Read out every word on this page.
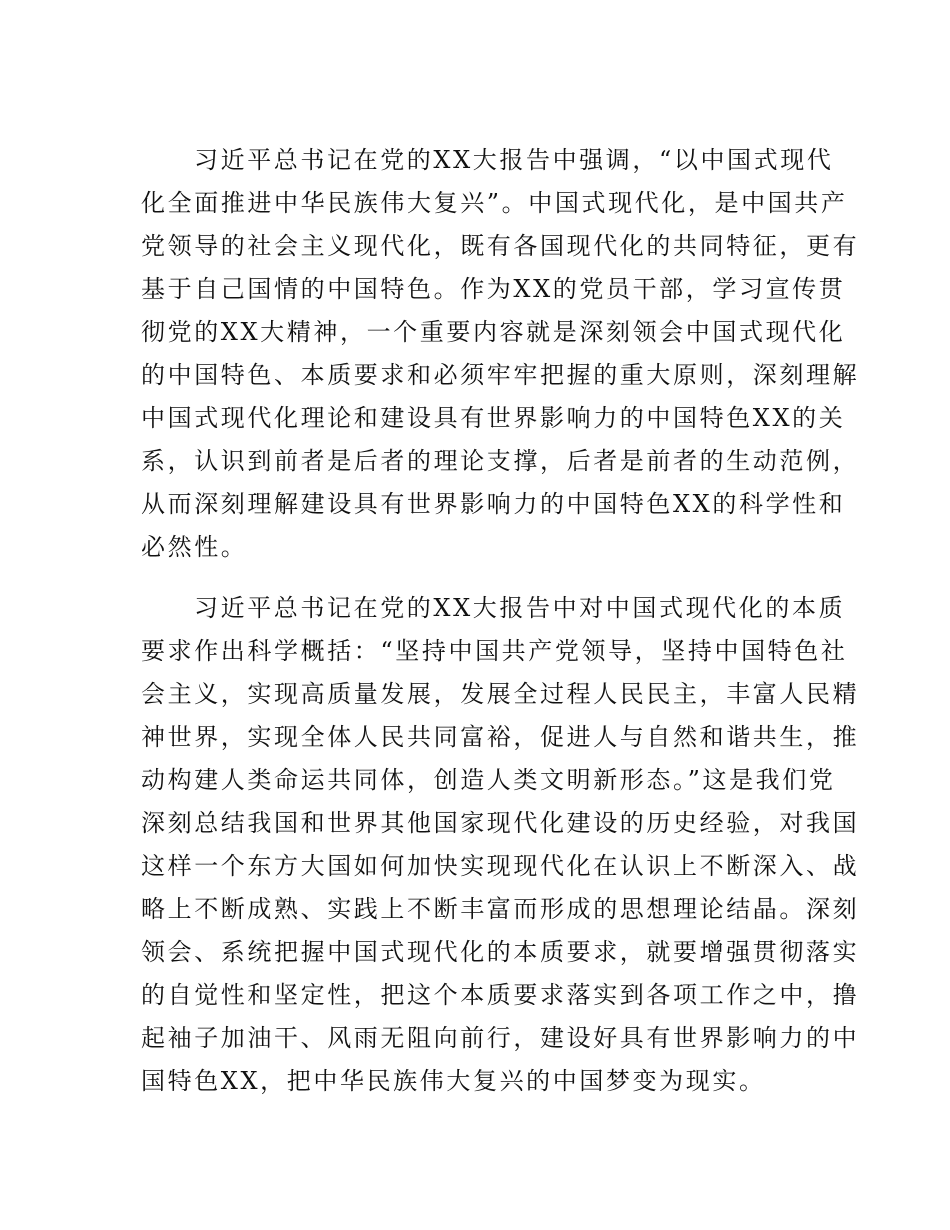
习近平总书记在党的XX大报告中强调，“以中国式现代
化全面推进中华民族伟大复兴”。中国式现代化，是中国共产
党领导的社会主义现代化，既有各国现代化的共同特征，更有
基于自己国情的中国特色。作为XX的党员干部，学习宣传贯
彻党的XX大精神，一个重要内容就是深刻领会中国式现代化
的中国特色、本质要求和必须牢牢把握的重大原则，深刻理解
中国式现代化理论和建设具有世界影响力的中国特色XX的关
系，认识到前者是后者的理论支撑，后者是前者的生动范例，
从而深刻理解建设具有世界影响力的中国特色XX的科学性和
必然性。

习近平总书记在党的XX大报告中对中国式现代化的本质
要求作出科学概括：“坚持中国共产党领导，坚持中国特色社
会主义，实现高质量发展，发展全过程人民民主，丰富人民精
神世界，实现全体人民共同富裕，促进人与自然和谐共生，推
动构建人类命运共同体，创造人类文明新形态。”这是我们党
深刻总结我国和世界其他国家现代化建设的历史经验，对我国
这样一个东方大国如何加快实现现代化在认识上不断深入、战
略上不断成熟、实践上不断丰富而形成的思想理论结晶。深刻
领会、系统把握中国式现代化的本质要求，就要增强贯彻落实
的自觉性和坚定性，把这个本质要求落实到各项工作之中，撸
起袖子加油干、风雨无阻向前行，建设好具有世界影响力的中
国特色XX，把中华民族伟大复兴的中国梦变为现实。
